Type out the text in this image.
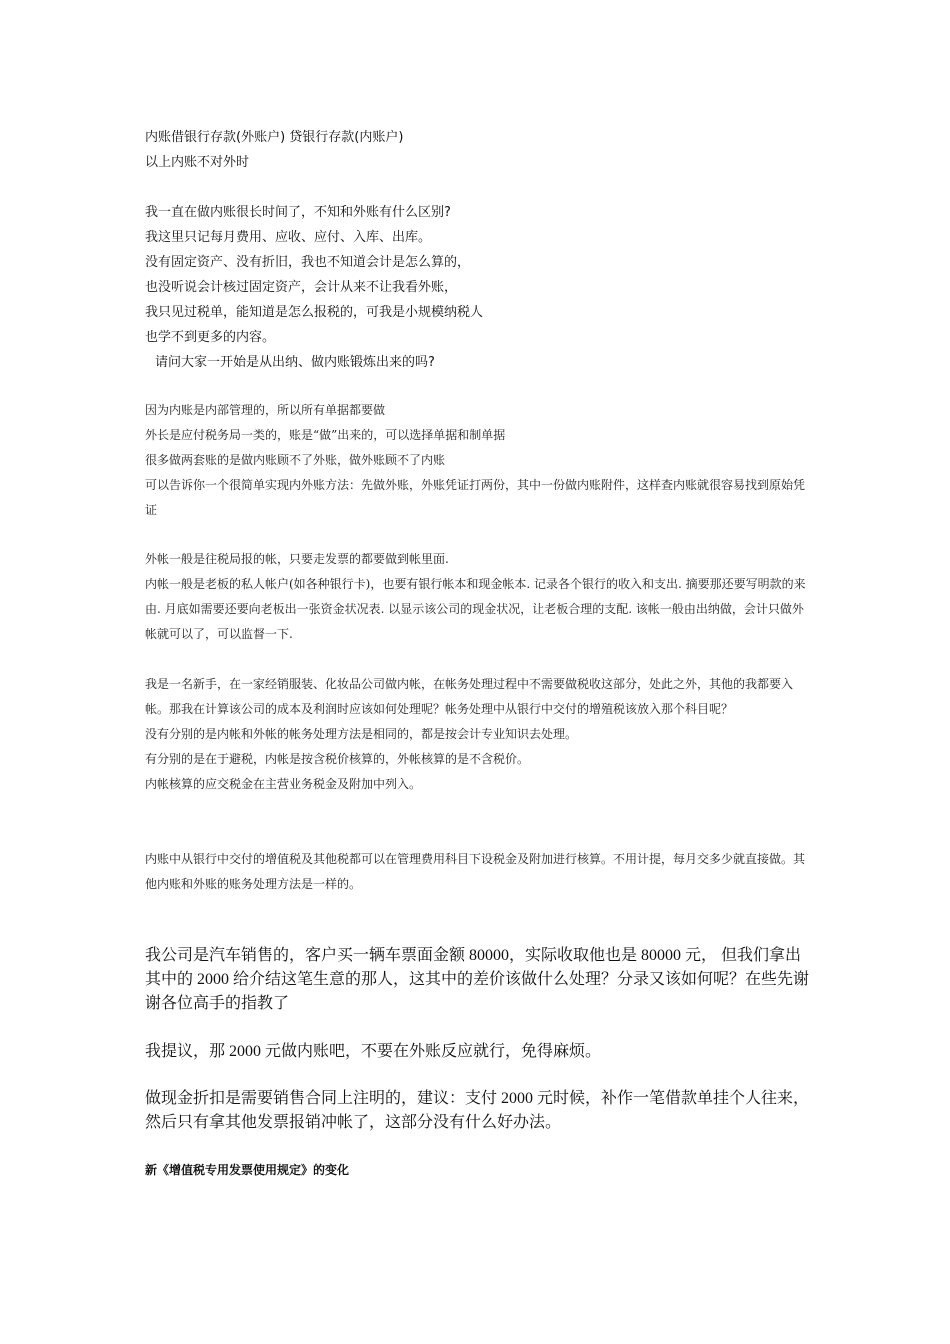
内账借银行存款(外账户) 贷银行存款(内账户)
以上内账不对外时
我一直在做内账很长时间了，不知和外账有什么区别?
我这里只记每月费用、应收、应付、入库、出库。
没有固定资产、没有折旧，我也不知道会计是怎么算的，
也没听说会计核过固定资产，会计从来不让我看外账，
我只见过税单，能知道是怎么报税的，可我是小规模纳税人
也学不到更多的内容。
请问大家一开始是从出纳、做内账锻炼出来的吗?
因为内账是内部管理的，所以所有单据都要做
外长是应付税务局一类的，账是“做”出来的，可以选择单据和制单据
很多做两套账的是做内账顾不了外账，做外账顾不了内账
可以告诉你一个很简单实现内外账方法：先做外账，外账凭证打两份，其中一份做内账附件，这样查内账就很容易找到原始凭证
外帐一般是往税局报的帐，只要走发票的都要做到帐里面.
内帐一般是老板的私人帐户(如各种银行卡)，也要有银行帐本和现金帐本. 记录各个银行的收入和支出. 摘要那还要写明款的来由. 月底如需要还要向老板出一张资金状况表. 以显示该公司的现金状况，让老板合理的支配. 该帐一般由出纳做，会计只做外帐就可以了，可以监督一下.
我是一名新手，在一家经销服装、化妆品公司做内帐，在帐务处理过程中不需要做税收这部分，处此之外，其他的我都要入帐。那我在计算该公司的成本及利润时应该如何处理呢？帐务处理中从银行中交付的增殖税该放入那个科目呢？
没有分别的是内帐和外帐的帐务处理方法是相同的，都是按会计专业知识去处理。
有分别的是在于避税，内帐是按含税价核算的，外帐核算的是不含税价。
内帐核算的应交税金在主营业务税金及附加中列入。
内账中从银行中交付的增值税及其他税都可以在管理费用科目下设税金及附加进行核算。不用计提，每月交多少就直接做。其他内账和外账的账务处理方法是一样的。
我公司是汽车销售的，客户买一辆车票面金额 80000，实际收取他也是 80000 元， 但我们拿出其中的 2000 给介结这笔生意的那人，这其中的差价该做什么处理？分录又该如何呢？在些先谢谢各位高手的指教了
我提议，那 2000 元做内账吧，不要在外账反应就行，免得麻烦。
做现金折扣是需要销售合同上注明的，建议：支付 2000 元时候，补作一笔借款单挂个人往来，然后只有拿其他发票报销冲帐了，这部分没有什么好办法。
新《增值税专用发票使用规定》的变化
